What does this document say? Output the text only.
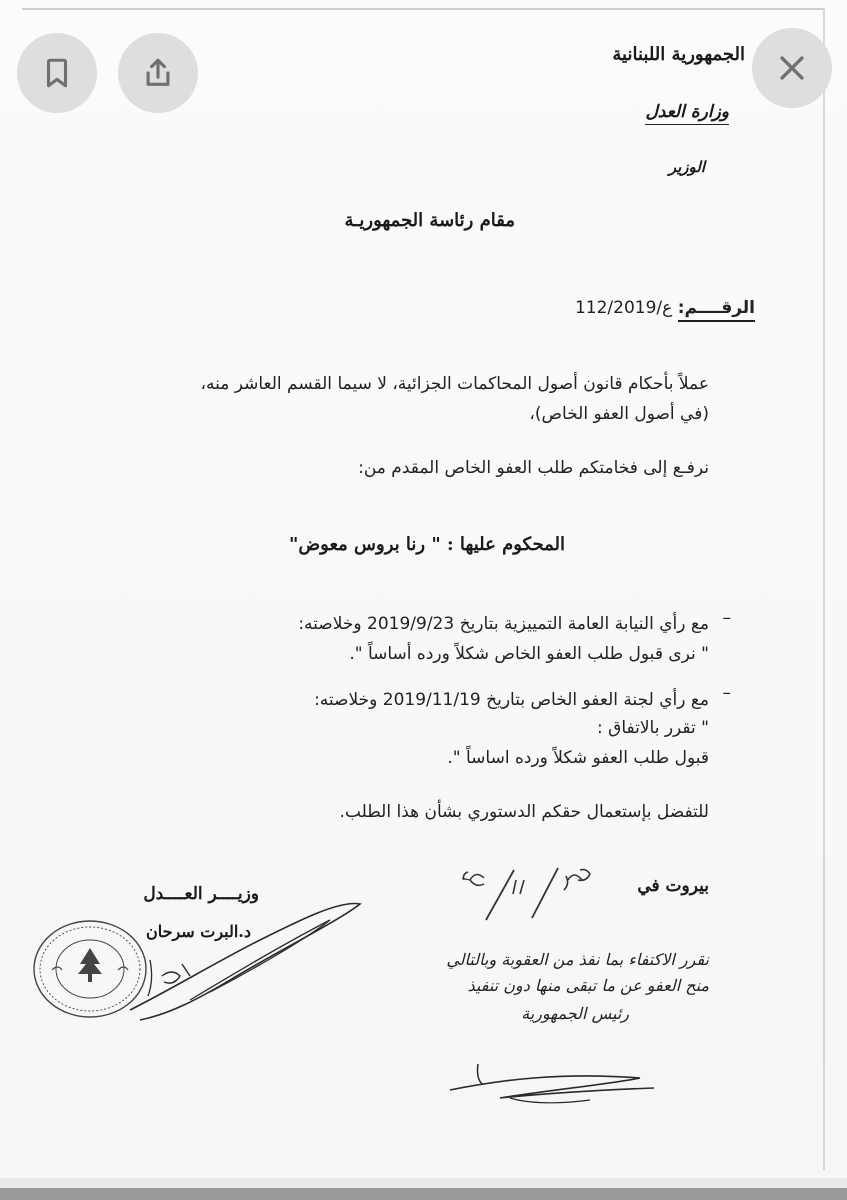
الجمهورية اللبنانية
وزارة العدل
الوزير
مقام رئاسة الجمهوريـة
الرقــــم: 112/ع/2019
عملاً بأحكام قانون أصول المحاكمات الجزائية، لا سيما القسم العاشر منه،
(في أصول العفو الخاص)،
نرفـع إلى فخامتكم طلب العفو الخاص المقدم من:
المحكوم عليها : " رنا بروس معوض"
–
مع رأي النيابة العامة التمييزية بتاريخ 2019/9/23 وخلاصته:
" نرى قبول طلب العفو الخاص شكلاً ورده أساساً ".
–
مع رأي لجنة العفو الخاص بتاريخ 2019/11/19 وخلاصته:
" تقرر بالاتفاق :
قبول طلب العفو شكلاً ورده اساساً ".
للتفضل بإستعمال حقكم الدستوري بشأن هذا الطلب.
بيروت في
وزيــــر العــــدل
د.البرت سرحان
نقرر الاكتفاء بما نفذ من العقوبة وبالتالي
منح العفو عن ما تبقى منها دون تنفيذ
رئيس الجمهورية
